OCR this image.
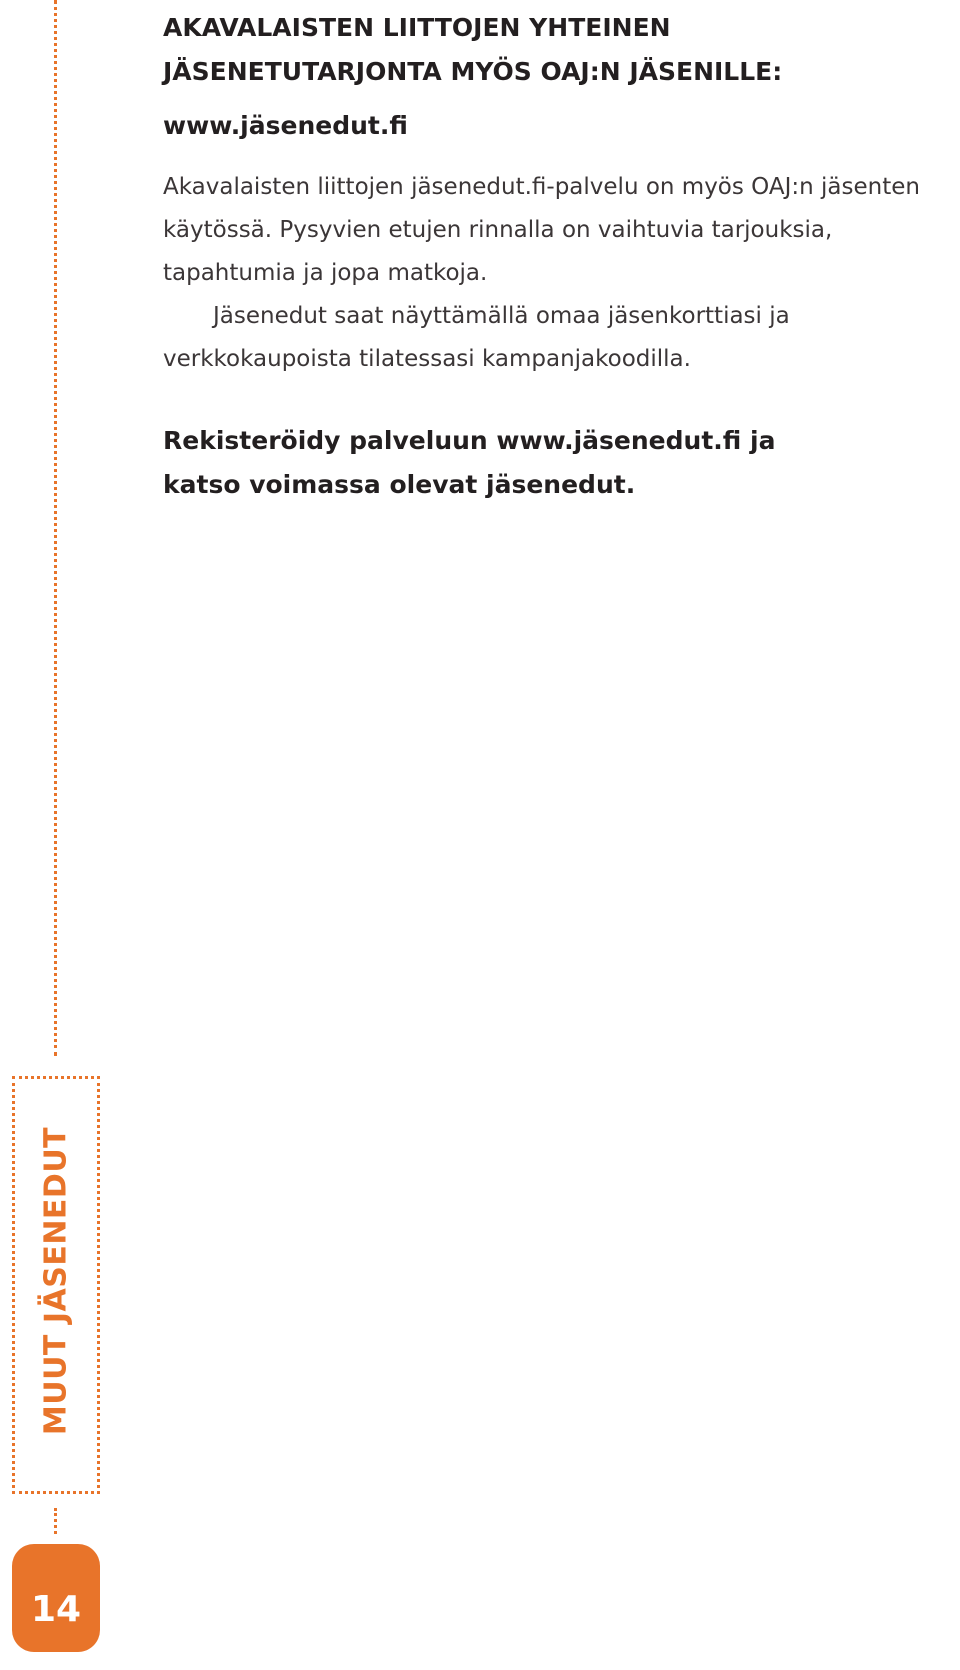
MUUT JÄSENEDUT
14
AKAVALAISTEN LIITTOJEN YHTEINEN
JÄSENETUTARJONTA MYÖS OAJ:N JÄSENILLE:
www.jäsenedut.fi

Akavalaisten liittojen jäsenedut.fi-palvelu on myös OAJ:n jäsenten käytössä. Pysyvien etujen rinnalla on vaihtuvia tarjouksia, tapahtumia ja jopa matkoja.

Jäsenedut saat näyttämällä omaa jäsenkorttiasi ja verkkokaupoista tilatessasi kampanjakoodilla.

Rekisteröidy palveluun www.jäsenedut.fi ja
katso voimassa olevat jäsenedut.
